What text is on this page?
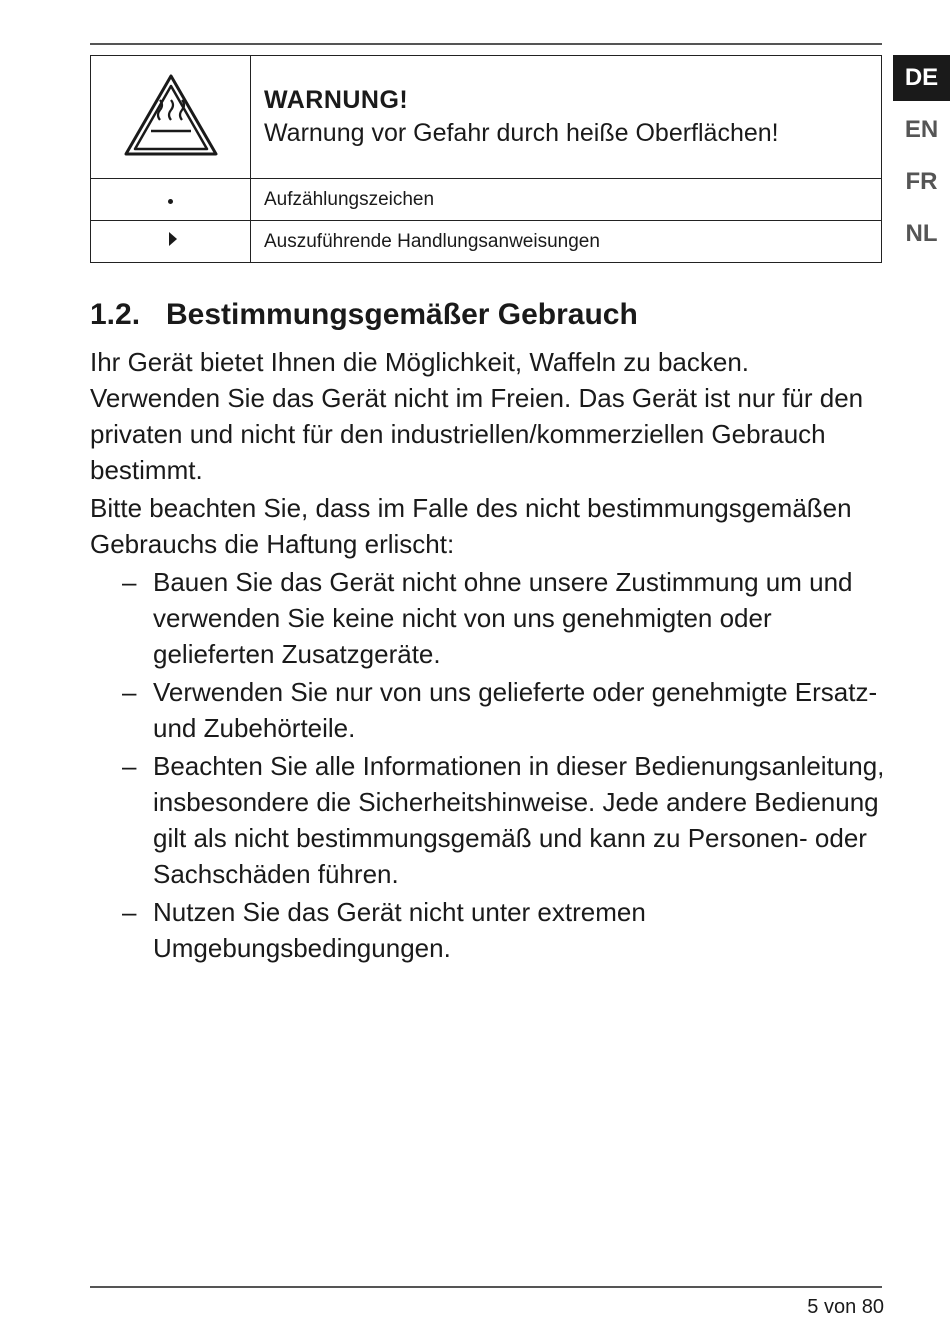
WARNUNG!
Warnung vor Gefahr durch heiße Oberflächen!

	Aufzählungszeichen
	Auszuführende Handlungsanweisungen
DE
EN
FR
NL
1.2. Bestimmungsgemäßer Gebrauch

Ihr Gerät bietet Ihnen die Möglichkeit, Waffeln zu backen. Verwenden Sie das Gerät nicht im Freien. Das Gerät ist nur für den privaten und nicht für den industriellen/kommerziellen Gebrauch bestimmt.

Bitte beachten Sie, dass im Falle des nicht bestimmungsgemäßen Gebrauchs die Haftung erlischt:

– Bauen Sie das Gerät nicht ohne unsere Zustimmung um und verwenden Sie keine nicht von uns genehmigten oder gelieferten Zusatzgeräte.
– Verwenden Sie nur von uns gelieferte oder genehmigte Ersatz- und Zubehörteile.
– Beachten Sie alle Informationen in dieser Bedienungsanleitung, insbesondere die Sicherheitshinweise. Jede andere Bedienung gilt als nicht bestimmungsgemäß und kann zu Personen- oder Sachschäden führen.
– Nutzen Sie das Gerät nicht unter extremen Umgebungsbedingungen.
5 von 80
